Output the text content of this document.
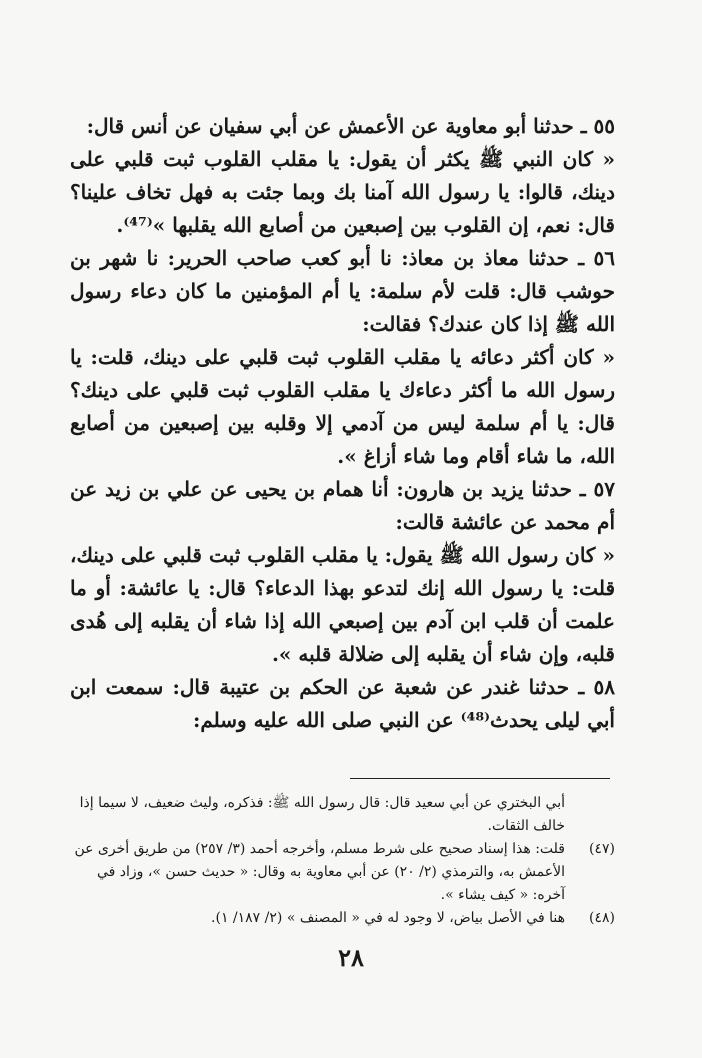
٥٥ ـ حدثنا أبو معاوية عن الأعمش عن أبي سفيان عن أنس قال:

« كان النبي ﷺ يكثر أن يقول: يا مقلب القلوب ثبت قلبي على دينك، قالوا: يا رسول الله آمنا بك وبما جئت به فهل تخاف علينا؟ قال: نعم، إن القلوب بين إصبعين من أصابع الله يقلبها »⁽⁴⁷⁾.

٥٦ ـ حدثنا معاذ بن معاذ: نا أبو كعب صاحب الحرير: نا شهر بن حوشب قال: قلت لأم سلمة: يا أم المؤمنين ما كان دعاء رسول الله ﷺ إذا كان عندك؟ فقالت:

« كان أكثر دعائه يا مقلب القلوب ثبت قلبي على دينك، قلت: يا رسول الله ما أكثر دعاءك يا مقلب القلوب ثبت قلبي على دينك؟ قال: يا أم سلمة ليس من آدمي إلا وقلبه بين إصبعين من أصابع الله، ما شاء أقام وما شاء أزاغ ».

٥٧ ـ حدثنا يزيد بن هارون: أنا همام بن يحيى عن علي بن زيد عن أم محمد عن عائشة قالت:

« كان رسول الله ﷺ يقول: يا مقلب القلوب ثبت قلبي على دينك، قلت: يا رسول الله إنك لتدعو بهذا الدعاء؟ قال: يا عائشة: أو ما علمت أن قلب ابن آدم بين إصبعي الله إذا شاء أن يقلبه إلى هُدى قلبه، وإن شاء أن يقلبه إلى ضلالة قلبه ».

٥٨ ـ حدثنا غندر عن شعبة عن الحكم بن عتيبة قال: سمعت ابن أبي ليلى يحدث⁽⁴⁸⁾ عن النبي صلى الله عليه وسلم:

أبي البختري عن أبي سعيد قال: قال رسول الله ﷺ: فذكره، وليث ضعيف، لا سيما إذا خالف الثقات.
(٤٧)
قلت: هذا إسناد صحيح على شرط مسلم، وأخرجه أحمد (٣/ ٢٥٧) من طريق أخرى عن الأعمش به، والترمذي (٢/ ٢٠) عن أبي معاوية به وقال: « حديث حسن »، وزاد في آخره: « كيف يشاء ».
(٤٨)
هنا في الأصل بياض، لا وجود له في « المصنف » (٢/ ١٨٧/ ١).
٢٨
